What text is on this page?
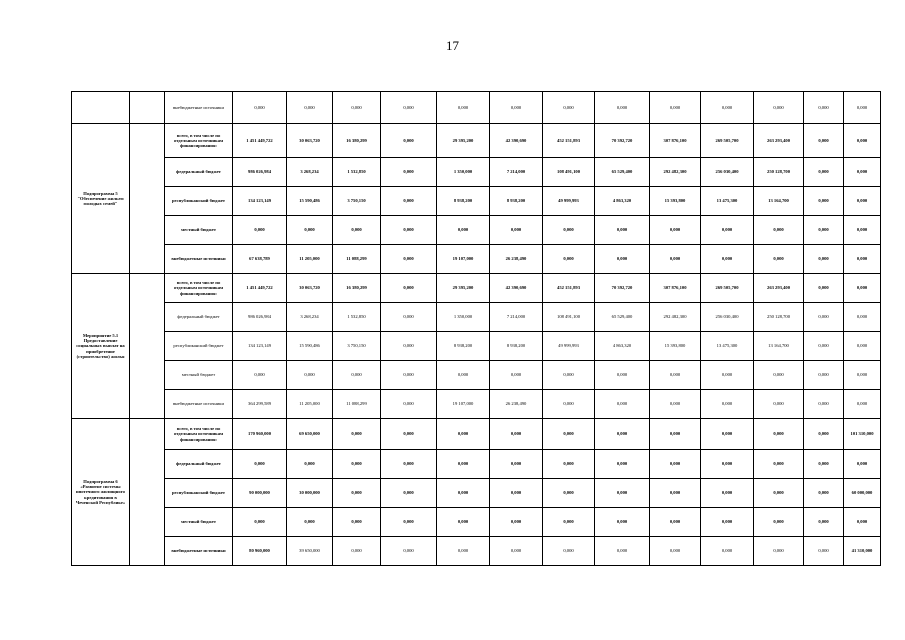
17
		внебюджетные источники	0,000	0,000	0,000	0,000	0,000	0,000	0,000	0,000	0,000	0,000	0,000	0,000	0,000
Подпрограмма 5 "Обеспечение жильем молодых семей"		всего, в том числе по отдельным источникам финансирования:	1 451 449,722	30 063,720	16 380,299	0,000	29 395,200	42 390,690	452 151,893	70 392,720	307 876,100	269 505,700	263 293,400	0,000	0,000
		федеральный бюджет	986 026,984	3 268,234	1 532,850	0,000	1 350,000	7 214,000	108 491,100	65 529,400	292 482,300	256 030,400	250 128,700	0,000	0,000
		республиканский бюджет	134 123,149	15 590,486	3 750,150	0,000	8 938,200	8 938,200	49 999,993	4 863,320	15 393,800	13 475,300	13 164,700	0,000	0,000
		местный бюджет	0,000	0,000	0,000	0,000	0,000	0,000	0,000	0,000	0,000	0,000	0,000	0,000	0,000
		внебюджетные источники	67 638,789	11 205,000	11 088,299	0,000	19 107,000	26 238,490	0,000	0,000	0,000	0,000	0,000	0,000	0,000
Мероприятие 5.1 Предоставление социальных выплат на приобретение (строительство) жилья		всего, в том числе по отдельным источникам финансирования:	1 451 449,722	30 063,720	16 380,299	0,000	29 395,200	42 390,690	452 151,893	70 392,720	307 876,100	269 505,700	263 293,400	0,000	0,000
		федеральный бюджет	986 026,984	3 268,234	1 532,850	0,000	1 350,000	7 214,000	108 491,100	65 529,400	292 482,300	256 030,400	250 128,700	0,000	0,000
		республиканский бюджет	134 123,149	15 590,486	3 750,150	0,000	8 938,200	8 938,200	49 999,993	4 863,320	15 393,800	13 475,300	13 164,700	0,000	0,000
		местный бюджет	0,000	0,000	0,000	0,000	0,000	0,000	0,000	0,000	0,000	0,000	0,000	0,000	0,000
		внебюджетные источники	364 299,589	11 205,000	11 088,299	0,000	19 107,000	26 238,490	0,000	0,000	0,000	0,000	0,000	0,000	0,000
Подпрограмма 6 «Развитие системы ипотечного жилищного кредитования в Чеченской Республике»		всего, в том числе по отдельным источникам финансирования:	170 960,000	69 650,000	0,000	0,000	0,000	0,000	0,000	0,000	0,000	0,000	0,000	0,000	101 310,000
		федеральный бюджет	0,000	0,000	0,000	0,000	0,000	0,000	0,000	0,000	0,000	0,000	0,000	0,000	0,000
		республиканский бюджет	90 000,000	30 000,000	0,000	0,000	0,000	0,000	0,000	0,000	0,000	0,000	0,000	0,000	60 000,000
		местный бюджет	0,000	0,000	0,000	0,000	0,000	0,000	0,000	0,000	0,000	0,000	0,000	0,000	0,000
		внебюджетные источники	80 960,000	39 650,000	0,000	0,000	0,000	0,000	0,000	0,000	0,000	0,000	0,000	0,000	41 310,000
